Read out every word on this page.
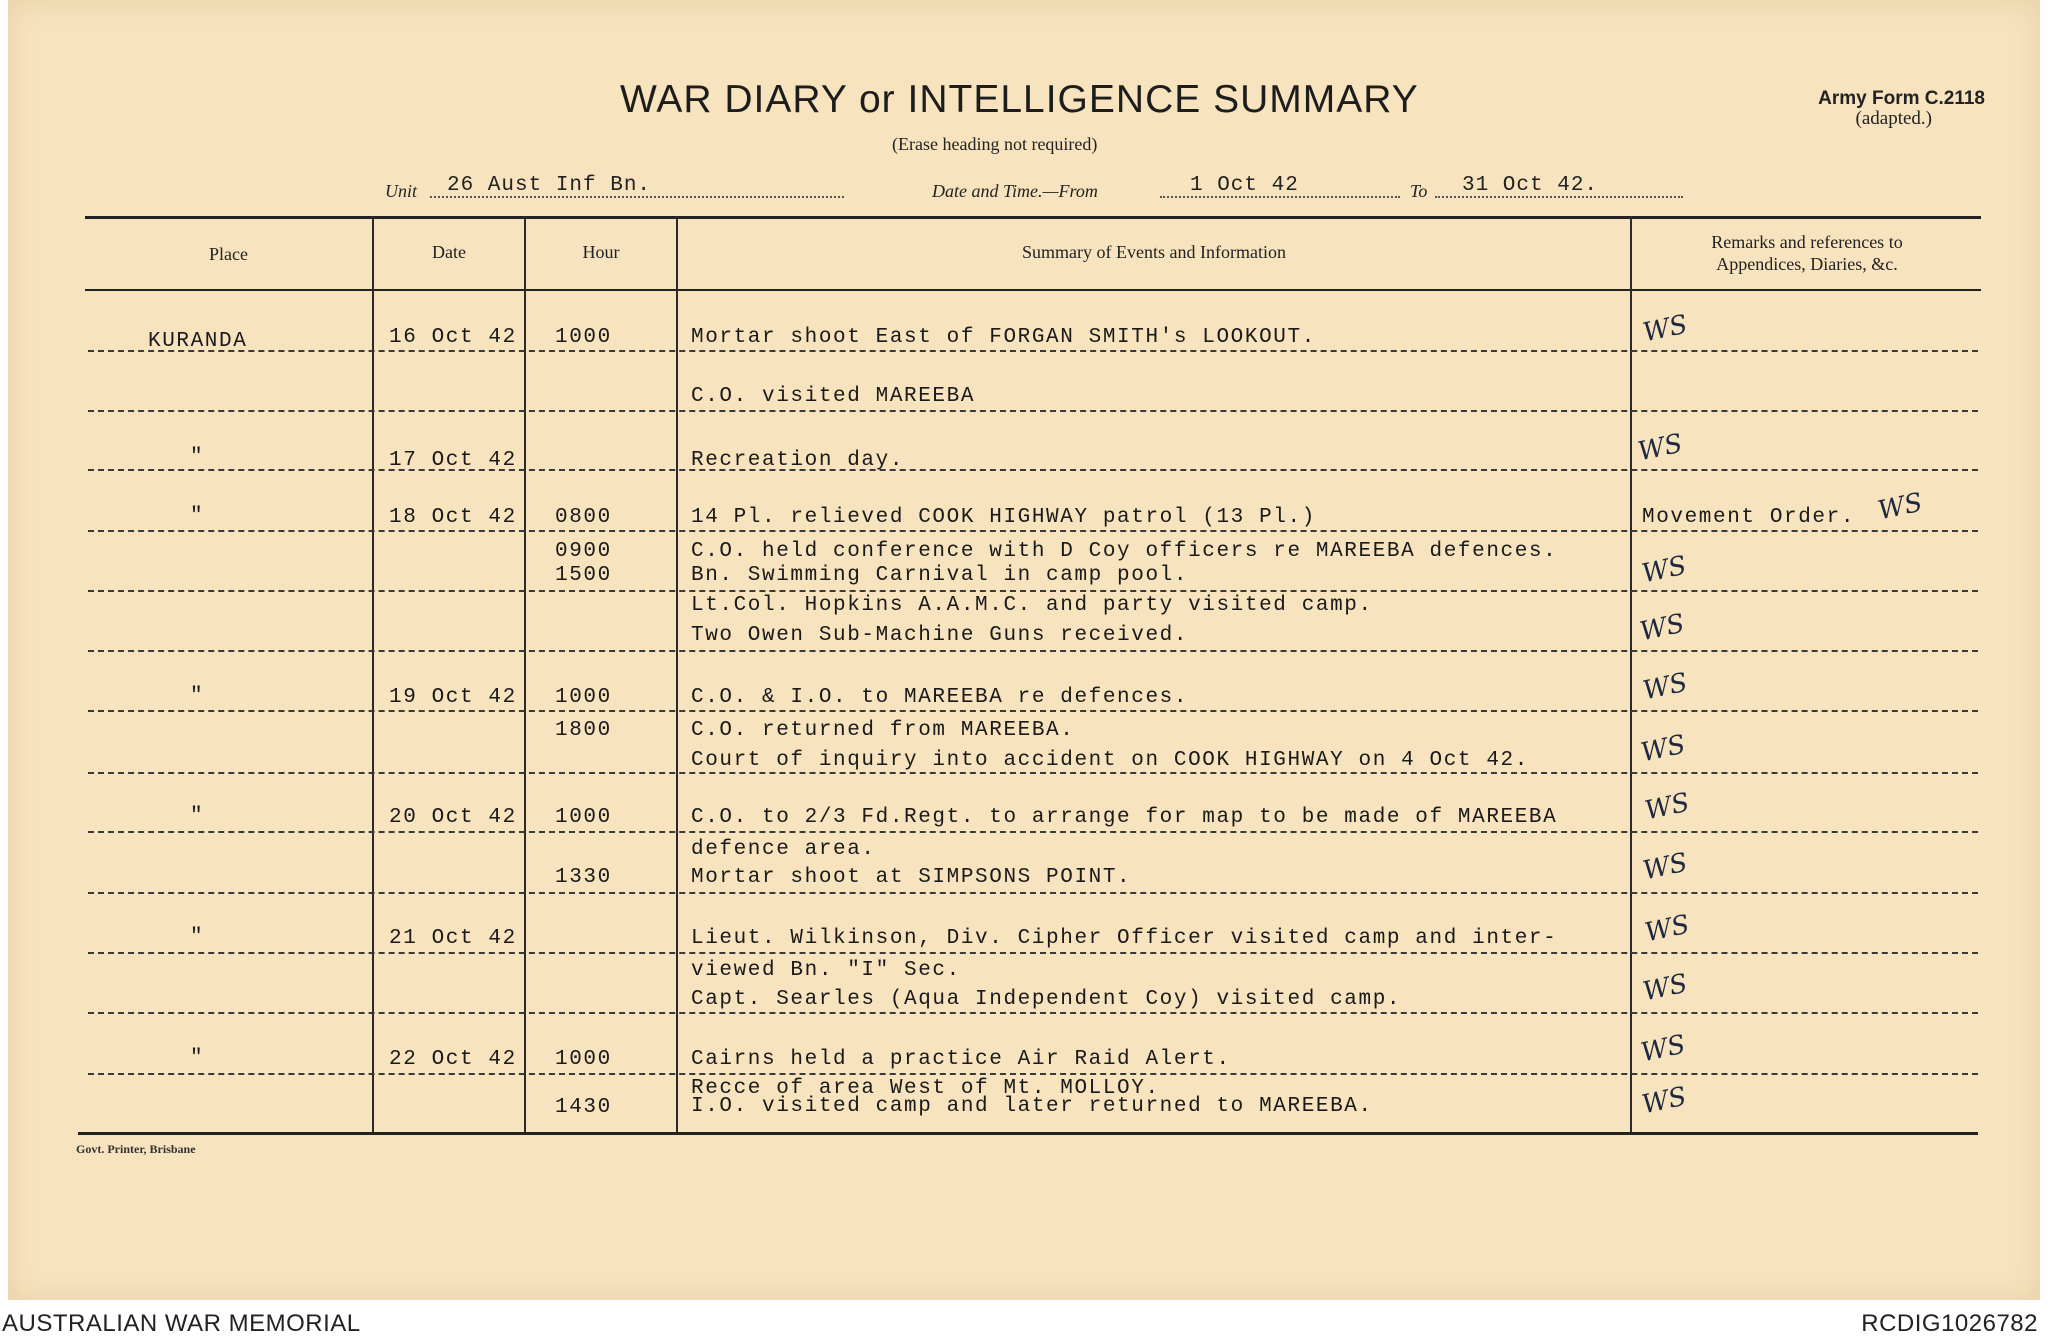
WAR DIARY or INTELLIGENCE SUMMARY
(Erase heading not required)
Army Form C.2118
(adapted.)
Unit 26 Aust Inf Bn.	Date and Time.—From	1 Oct 42	To 31 Oct 42.
Place	Date	Hour	Summary of Events and Information	Remarks and references to
Appendices, Diaries, &c.
KURANDA	16 Oct 42 1000	Mortar shoot East of FORGAN SMITH's LOOKOUT.	WS
C.O. visited MAREEBA
"	17 Oct 42	Recreation day.	WS
"	18 Oct 42 0800	14 Pl. relieved COOK HIGHWAY patrol (13 Pl.)	Movement Order. WS
0900	C.O. held conference with D Coy officers re MAREEBA defences.
1500	Bn. Swimming Carnival in camp pool.	WS
Lt.Col. Hopkins A.A.M.C. and party visited camp.
Two Owen Sub-Machine Guns received.	WS
"	19 Oct 42 1000	C.O. & I.O. to MAREEBA re defences.	WS
1800	C.O. returned from MAREEBA.
Court of inquiry into accident on COOK HIGHWAY on 4 Oct 42.	WS
"	20 Oct 42 1000	C.O. to 2/3 Fd.Regt. to arrange for map to be made of MAREEBA	WS
defence area.
1330	Mortar shoot at SIMPSONS POINT.	WS
"	21 Oct 42	Lieut. Wilkinson, Div. Cipher Officer visited camp and inter-	WS
viewed Bn. "I" Sec.
Capt. Searles (Aqua Independent Coy) visited camp.	WS
"	22 Oct 42 1000	Cairns held a practice Air Raid Alert.	WS
Recce of area West of Mt. MOLLOY.
1430	I.O. visited camp and later returned to MAREEBA.	WS
Govt. Printer, Brisbane
AUSTRALIAN WAR MEMORIAL	RCDIG1026782
